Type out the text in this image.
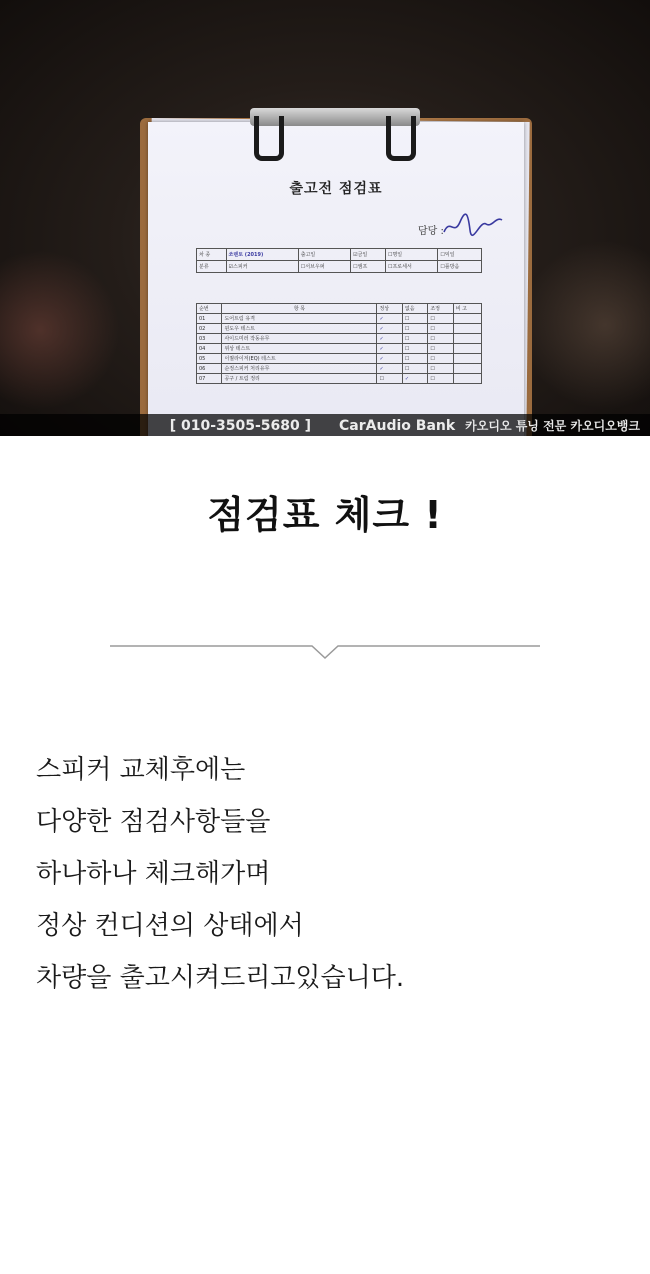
출고전 점검표
담당 :
차 종	쏘렌토 (2019)	출고일	☑금일	☐명일	☐익일
분류	☑스피커	☐서브우퍼	☐앰프	☐프로세서	☐플방음
순번	항 목	정상	없음	조정	비 고
01	도어트림 유격	✓	☐	☐	
02	윈도우 테스트	✓	☐	☐	
03	사이드미러 작동유무	✓	☐	☐	
04	위상 테스트	✓	☐	☐	
05	이퀄라이저(EQ) 테스트	✓	☐	☐	
06	순정스피커 처리유무	✓	☐	☐	
07	공구 / 트림 정리	☐	✓	☐	
[ 010-3505-5680 ] CarAudio Bank 카오디오 튜닝 전문 카오디오뱅크
점검표 체크 !
스피커 교체후에는
다양한 점검사항들을
하나하나 체크해가며
정상 컨디션의 상태에서
차량을 출고시켜드리고있습니다.
